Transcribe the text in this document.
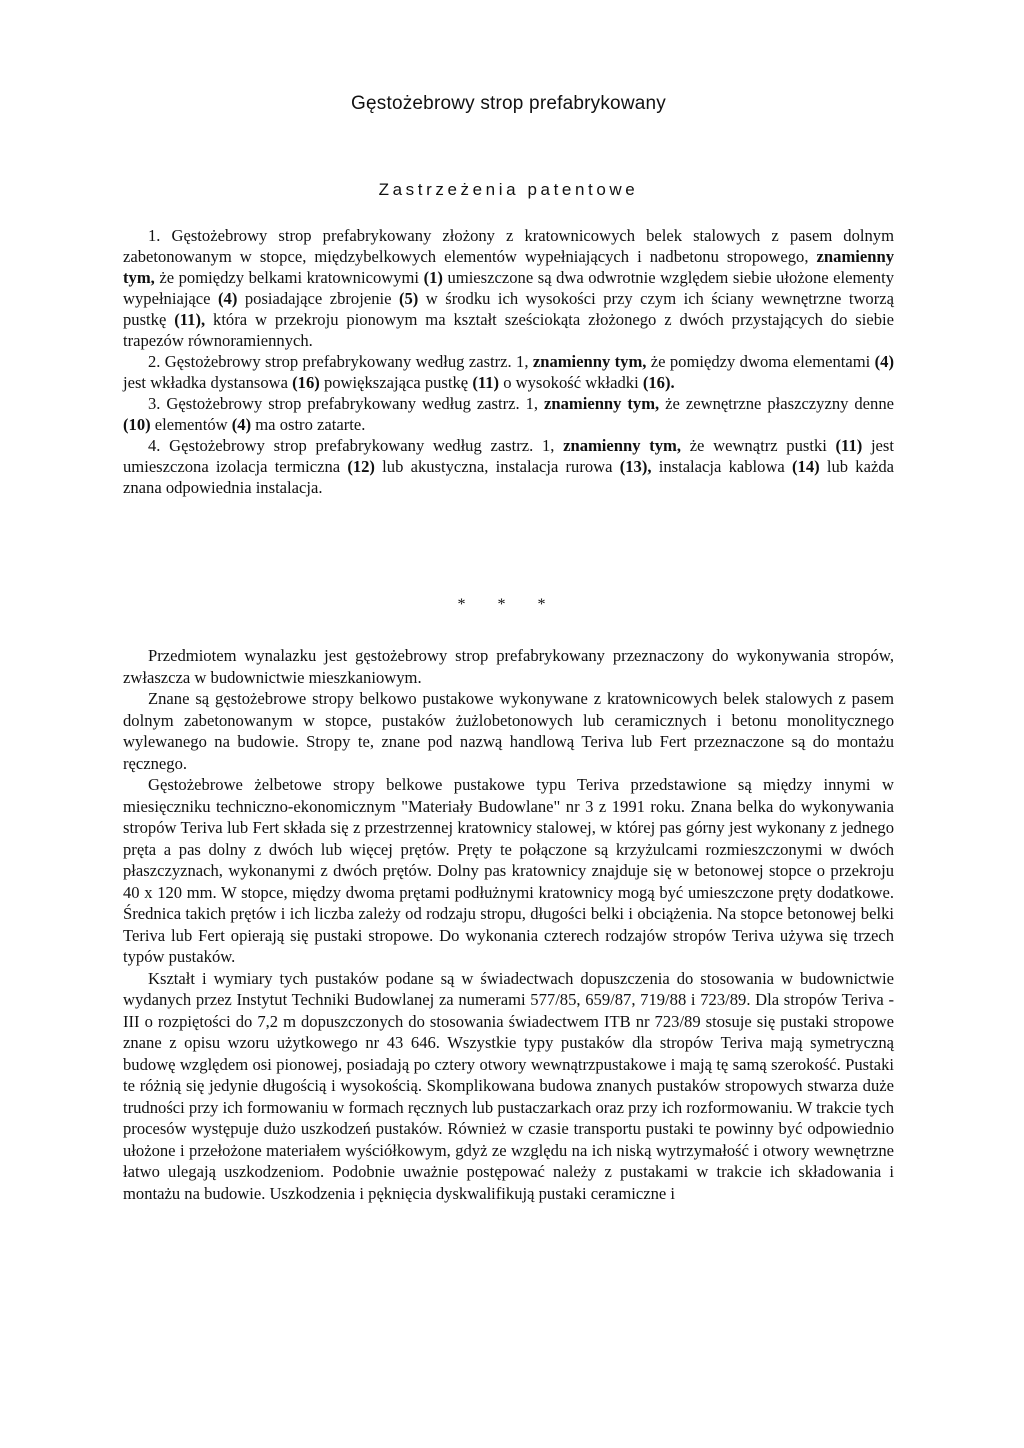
Gęstożebrowy strop prefabrykowany
Zastrzeżenia patentowe

1. Gęstożebrowy strop prefabrykowany złożony z kratownicowych belek stalowych z pasem dolnym zabetonowanym w stopce, międzybelkowych elementów wypełniających i nadbetonu stropowego, znamienny tym, że pomiędzy belkami kratownicowymi (1) umieszczone są dwa odwrotnie względem siebie ułożone elementy wypełniające (4) posiadające zbrojenie (5) w środku ich wysokości przy czym ich ściany wewnętrzne tworzą pustkę (11), która w przekroju pionowym ma kształt sześciokąta złożonego z dwóch przystających do siebie trapezów równoramiennych.

2. Gęstożebrowy strop prefabrykowany według zastrz. 1, znamienny tym, że pomiędzy dwoma elementami (4) jest wkładka dystansowa (16) powiększająca pustkę (11) o wysokość wkładki (16).

3. Gęstożebrowy strop prefabrykowany według zastrz. 1, znamienny tym, że zewnętrzne płaszczyzny denne (10) elementów (4) ma ostro zatarte.

4. Gęstożebrowy strop prefabrykowany według zastrz. 1, znamienny tym, że wewnątrz pustki (11) jest umieszczona izolacja termiczna (12) lub akustyczna, instalacja rurowa (13), instalacja kablowa (14) lub każda znana odpowiednia instalacja.

* * *

Przedmiotem wynalazku jest gęstożebrowy strop prefabrykowany przeznaczony do wykonywania stropów, zwłaszcza w budownictwie mieszkaniowym.

Znane są gęstożebrowe stropy belkowo pustakowe wykonywane z kratownicowych belek stalowych z pasem dolnym zabetonowanym w stopce, pustaków żużlobetonowych lub ceramicznych i betonu monolitycznego wylewanego na budowie. Stropy te, znane pod nazwą handlową Teriva lub Fert przeznaczone są do montażu ręcznego.

Gęstożebrowe żelbetowe stropy belkowe pustakowe typu Teriva przedstawione są między innymi w miesięczniku techniczno-ekonomicznym "Materiały Budowlane" nr 3 z 1991 roku. Znana belka do wykonywania stropów Teriva lub Fert składa się z przestrzennej kratownicy stalowej, w której pas górny jest wykonany z jednego pręta a pas dolny z dwóch lub więcej prętów. Pręty te połączone są krzyżulcami rozmieszczonymi w dwóch płaszczyznach, wykonanymi z dwóch prętów. Dolny pas kratownicy znajduje się w betonowej stopce o przekroju 40 x 120 mm. W stopce, między dwoma prętami podłużnymi kratownicy mogą być umieszczone pręty dodatkowe. Średnica takich prętów i ich liczba zależy od rodzaju stropu, długości belki i obciążenia. Na stopce betonowej belki Teriva lub Fert opierają się pustaki stropowe. Do wykonania czterech rodzajów stropów Teriva używa się trzech typów pustaków.

Kształt i wymiary tych pustaków podane są w świadectwach dopuszczenia do stosowania w budownictwie wydanych przez Instytut Techniki Budowlanej za numerami 577/85, 659/87, 719/88 i 723/89. Dla stropów Teriva -III o rozpiętości do 7,2 m dopuszczonych do stosowania świadectwem ITB nr 723/89 stosuje się pustaki stropowe znane z opisu wzoru użytkowego nr 43 646. Wszystkie typy pustaków dla stropów Teriva mają symetryczną budowę względem osi pionowej, posiadają po cztery otwory wewnątrzpustakowe i mają tę samą szerokość. Pustaki te różnią się jedynie długością i wysokością. Skomplikowana budowa znanych pustaków stropowych stwarza duże trudności przy ich formowaniu w formach ręcznych lub pustaczarkach oraz przy ich rozformowaniu. W trakcie tych procesów występuje dużo uszkodzeń pustaków. Również w czasie transportu pustaki te powinny być odpowiednio ułożone i przełożone materiałem wyściółkowym, gdyż ze względu na ich niską wytrzymałość i otwory wewnętrzne łatwo ulegają uszkodzeniom. Podobnie uważnie postępować należy z pustakami w trakcie ich składowania i montażu na budowie. Uszkodzenia i pęknięcia dyskwalifikują pustaki ceramiczne i
